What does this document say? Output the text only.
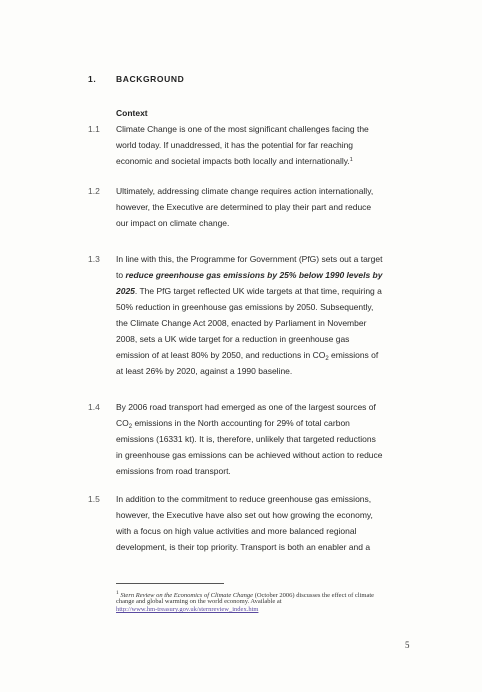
1. BACKGROUND
Context
1.1	Climate Change is one of the most significant challenges facing the
world today. If unaddressed, it has the potential for far reaching
economic and societal impacts both locally and internationally.$^1$
1.2	Ultimately, addressing climate change requires action internationally,
however, the Executive are determined to play their part and reduce
our impact on climate change.
1.3	In line with this, the Programme for Government (PfG) sets out a target
to reduce greenhouse gas emissions by 25% below 1990 levels by
2025. The PfG target reflected UK wide targets at that time, requiring a
50% reduction in greenhouse gas emissions by 2050. Subsequently,
the Climate Change Act 2008, enacted by Parliament in November
2008, sets a UK wide target for a reduction in greenhouse gas
emission of at least 80% by 2050, and reductions in $CO_2$ emissions of
at least 26% by 2020, against a 1990 baseline.
1.4	By 2006 road transport had emerged as one of the largest sources of
$CO_2$ emissions in the North accounting for 29% of total carbon
emissions (16331 kt). It is, therefore, unlikely that targeted reductions
in greenhouse gas emissions can be achieved without action to reduce
emissions from road transport.
1.5	In addition to the commitment to reduce greenhouse gas emissions,
however, the Executive have also set out how growing the economy,
with a focus on high value activities and more balanced regional
development, is their top priority. Transport is both an enabler and a
$^1$ Stern Review on the Economics of Climate Change (October 2006) discusses the effect of climate
change and global warming on the world economy. Available at
http://www.hm-treasury.gov.uk/sternreview_index.htm
5
